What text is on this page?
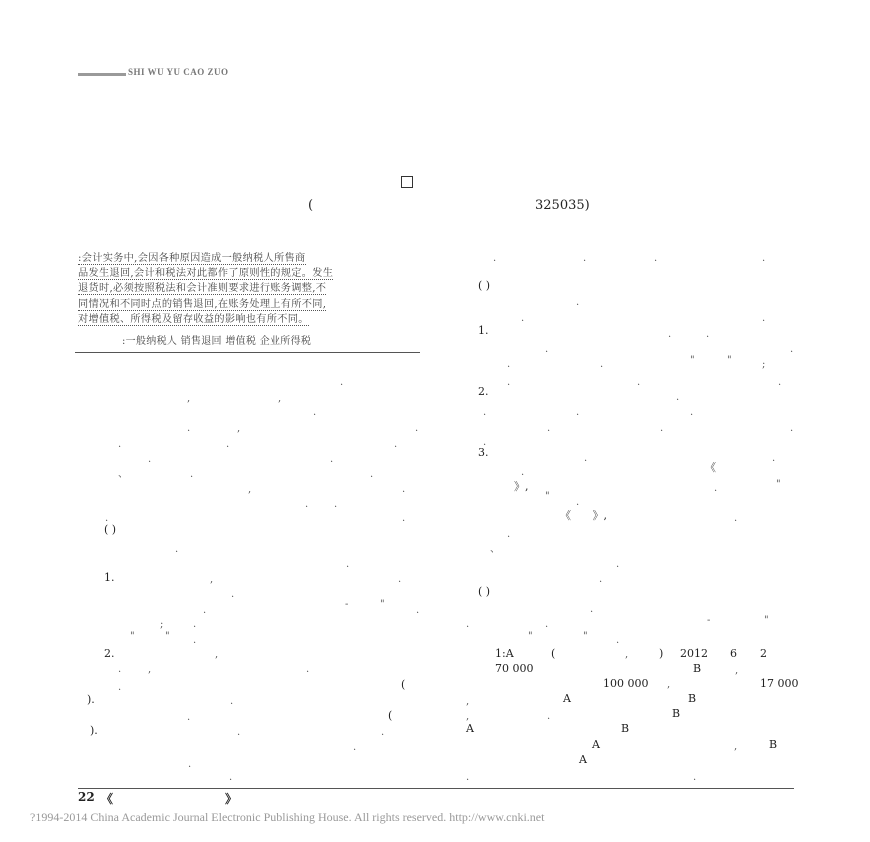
SHI WU YU CAO ZUO
(	325035)
:会计实务中,会因各种原因造成一般纳税人所售商
品发生退回,会计和税法对此都作了原则性的规定。发生
退货时,必须按照税法和会计准则要求进行账务调整,不
同情况和不同时点的销售退回,在账务处理上有所不同,
对增值税、所得税及留存收益的影响也有所不同。
:一般纳税人 销售退回 增值税 企业所得税
.
,	,
.
.	,	.
.	.	.
.	.
、	.	.
,	.
.	.
.	.
( )
.
.
1.	,	.
.
-	"
.	.
;	.
"	" .
2.	,
.	,	.
.	(
).	.
.	(
).	.	.
.
.
.
.	.	.	.
( )
.
.	.
1.	.	.
.	.
.	.	"	"	;
.	.	.
2.	.
.	.	.
.	.	.
.
3.	.	.
.	《
》,	.	"
"
.
《 》,	.
.
、
.
.
( )
.
.	.	-	"
"	"	.
1:A	(	,	) 2012 6 2
70 000	B	,
100 000 ,	17 000
A	B
,
,	.	B
A	B
A	,	B
A
.	.
22 《	》
?1994-2014 China Academic Journal Electronic Publishing House. All rights reserved. http://www.cnki.net
